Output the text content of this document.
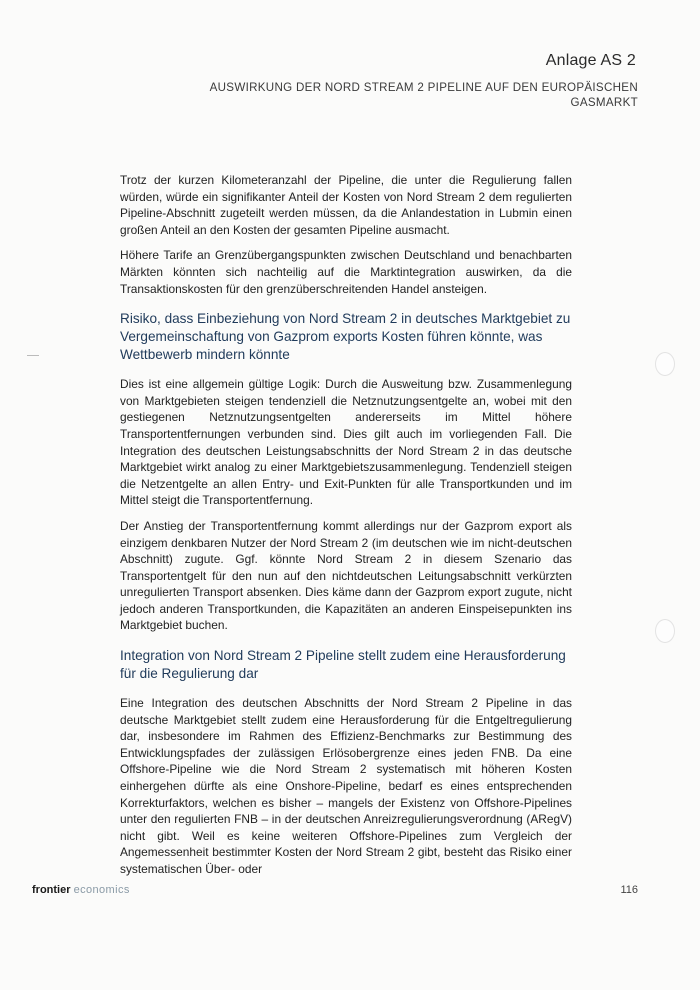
Anlage AS 2
AUSWIRKUNG DER NORD STREAM 2 PIPELINE AUF DEN EUROPÄISCHEN GASMARKT

Trotz der kurzen Kilometeranzahl der Pipeline, die unter die Regulierung fallen würden, würde ein signifikanter Anteil der Kosten von Nord Stream 2 dem regulierten Pipeline-Abschnitt zugeteilt werden müssen, da die Anlandestation in Lubmin einen großen Anteil an den Kosten der gesamten Pipeline ausmacht.

Höhere Tarife an Grenzübergangspunkten zwischen Deutschland und benachbarten Märkten könnten sich nachteilig auf die Marktintegration auswirken, da die Transaktionskosten für den grenzüberschreitenden Handel ansteigen.

Risiko, dass Einbeziehung von Nord Stream 2 in deutsches Marktgebiet zu Vergemeinschaftung von Gazprom exports Kosten führen könnte, was Wettbewerb mindern könnte

Dies ist eine allgemein gültige Logik: Durch die Ausweitung bzw. Zusammenlegung von Marktgebieten steigen tendenziell die Netznutzungsentgelte an, wobei mit den gestiegenen Netznutzungsentgelten andererseits im Mittel höhere Transportentfernungen verbunden sind. Dies gilt auch im vorliegenden Fall. Die Integration des deutschen Leistungsabschnitts der Nord Stream 2 in das deutsche Marktgebiet wirkt analog zu einer Marktgebietszusammenlegung. Tendenziell steigen die Netzentgelte an allen Entry- und Exit-Punkten für alle Transportkunden und im Mittel steigt die Transportentfernung.

Der Anstieg der Transportentfernung kommt allerdings nur der Gazprom export als einzigem denkbaren Nutzer der Nord Stream 2 (im deutschen wie im nicht-deutschen Abschnitt) zugute. Ggf. könnte Nord Stream 2 in diesem Szenario das Transportentgelt für den nun auf den nichtdeutschen Leitungsabschnitt verkürzten unregulierten Transport absenken. Dies käme dann der Gazprom export zugute, nicht jedoch anderen Transportkunden, die Kapazitäten an anderen Einspeisepunkten ins Marktgebiet buchen.

Integration von Nord Stream 2 Pipeline stellt zudem eine Herausforderung für die Regulierung dar

Eine Integration des deutschen Abschnitts der Nord Stream 2 Pipeline in das deutsche Marktgebiet stellt zudem eine Herausforderung für die Entgeltregulierung dar, insbesondere im Rahmen des Effizienz-Benchmarks zur Bestimmung des Entwicklungspfades der zulässigen Erlösobergrenze eines jeden FNB. Da eine Offshore-Pipeline wie die Nord Stream 2 systematisch mit höheren Kosten einhergehen dürfte als eine Onshore-Pipeline, bedarf es eines entsprechenden Korrekturfaktors, welchen es bisher – mangels der Existenz von Offshore-Pipelines unter den regulierten FNB – in der deutschen Anreizregulierungsverordnung (ARegV) nicht gibt. Weil es keine weiteren Offshore-Pipelines zum Vergleich der Angemessenheit bestimmter Kosten der Nord Stream 2 gibt, besteht das Risiko einer systematischen Über- oder

frontier economics	116
